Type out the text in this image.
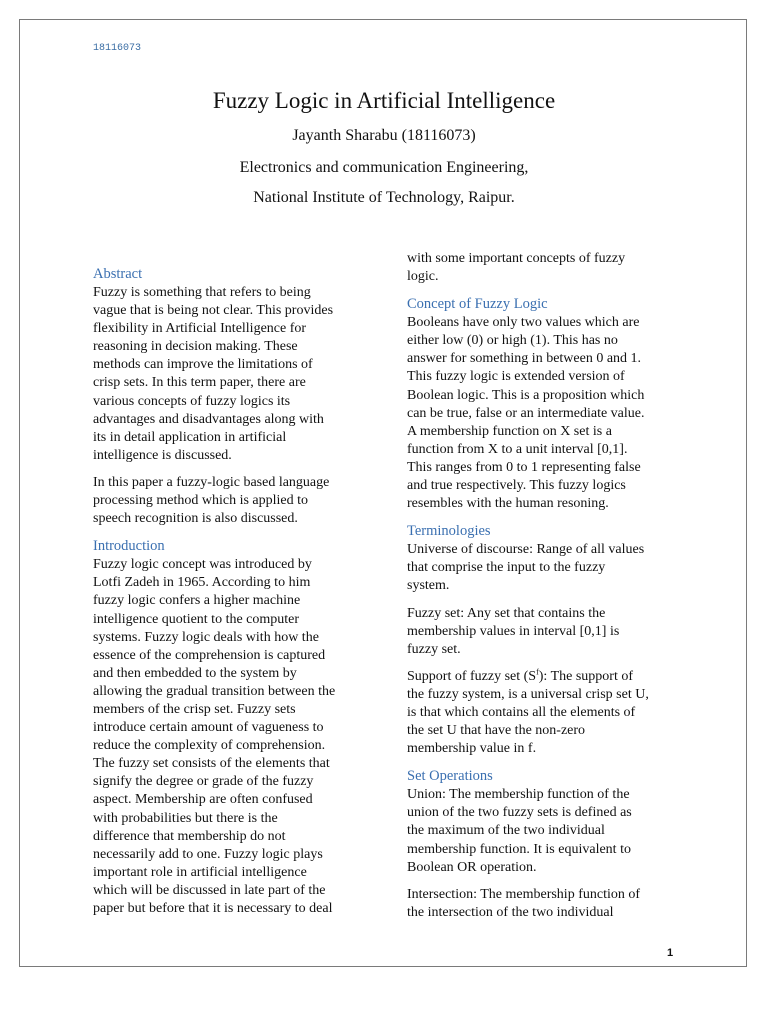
18116073
Fuzzy Logic in Artificial Intelligence
Jayanth Sharabu (18116073)
Electronics and communication Engineering,
National Institute of Technology, Raipur.
Abstract

Fuzzy is something that refers to being
vague that is being not clear. This provides
flexibility in Artificial Intelligence for
reasoning in decision making. These
methods can improve the limitations of
crisp sets. In this term paper, there are
various concepts of fuzzy logics its
advantages and disadvantages along with
its in detail application in artificial
intelligence is discussed.

In this paper a fuzzy-logic based language
processing method which is applied to
speech recognition is also discussed.

Introduction

Fuzzy logic concept was introduced by
Lotfi Zadeh in 1965. According to him
fuzzy logic confers a higher machine
intelligence quotient to the computer
systems. Fuzzy logic deals with how the
essence of the comprehension is captured
and then embedded to the system by
allowing the gradual transition between the
members of the crisp set. Fuzzy sets
introduce certain amount of vagueness to
reduce the complexity of comprehension.
The fuzzy set consists of the elements that
signify the degree or grade of the fuzzy
aspect. Membership are often confused
with probabilities but there is the
difference that membership do not
necessarily add to one. Fuzzy logic plays
important role in artificial intelligence
which will be discussed in late part of the
paper but before that it is necessary to deal

with some important concepts of fuzzy
logic.

Concept of Fuzzy Logic

Booleans have only two values which are
either low (0) or high (1). This has no
answer for something in between 0 and 1.
This fuzzy logic is extended version of
Boolean logic. This is a proposition which
can be true, false or an intermediate value.
A membership function on X set is a
function from X to a unit interval [0,1].
This ranges from 0 to 1 representing false
and true respectively. This fuzzy logics
resembles with the human resoning.

Terminologies

Universe of discourse: Range of all values
that comprise the input to the fuzzy
system.

Fuzzy set: Any set that contains the
membership values in interval [0,1] is
fuzzy set.

Support of fuzzy set $(S^f)$: The support of
the fuzzy system, is a universal crisp set U,
is that which contains all the elements of
the set U that have the non-zero
membership value in f.

Set Operations

Union: The membership function of the
union of the two fuzzy sets is defined as
the maximum of the two individual
membership function. It is equivalent to
Boolean OR operation.

Intersection: The membership function of
the intersection of the two individual

1
